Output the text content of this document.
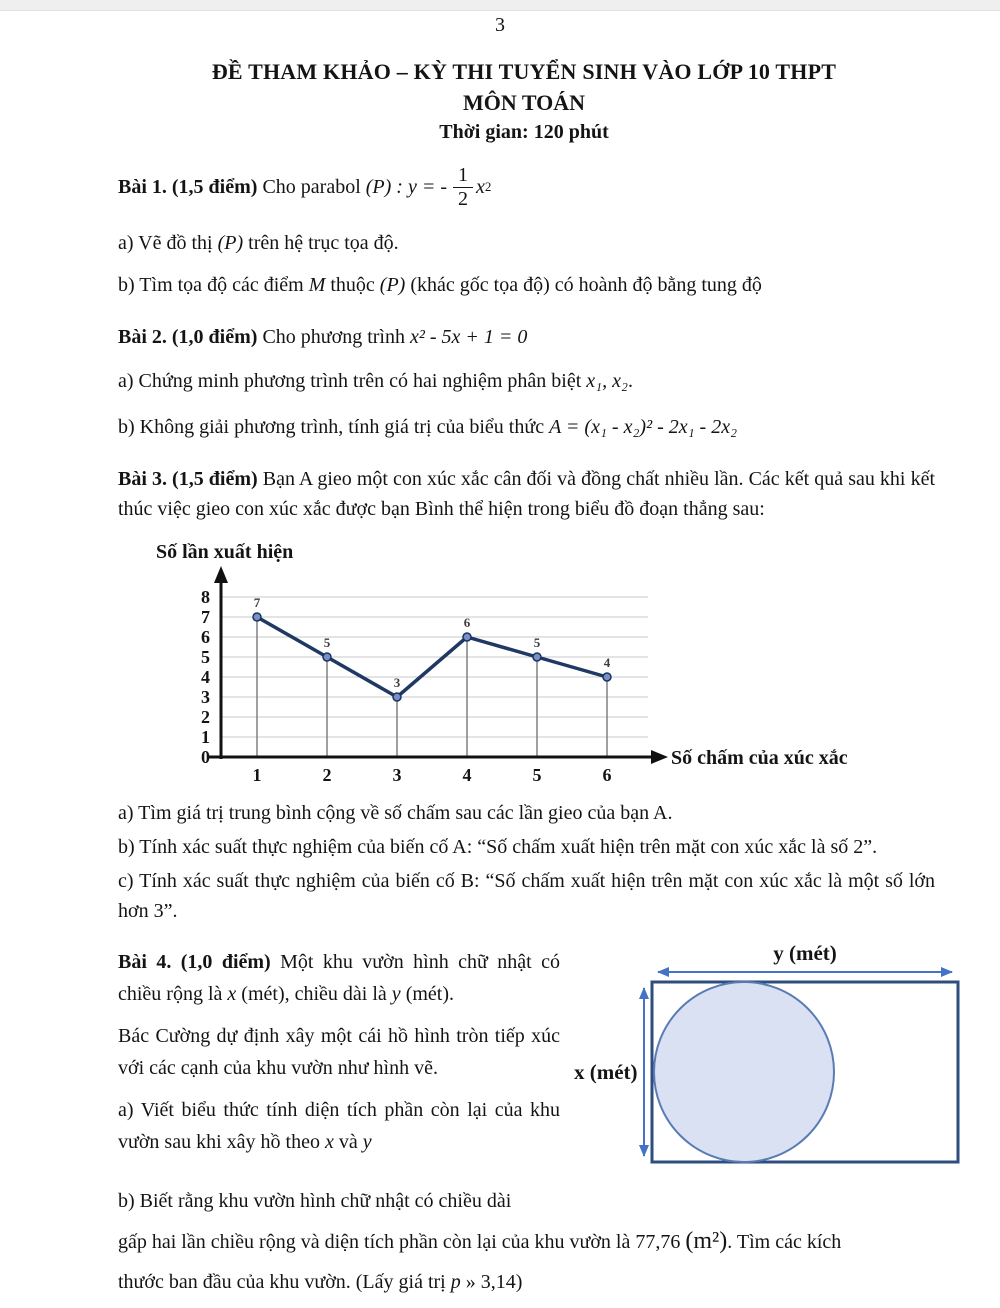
3
ĐỀ THAM KHẢO – KỲ THI TUYỂN SINH VÀO LỚP 10 THPT
MÔN TOÁN
Thời gian: 120 phút

Bài 1. (1,5 điểm)
Cho parabol
(P) : y = - $\frac{1}{2}$ x 2

a) Vẽ đồ thị (P) trên hệ trục tọa độ.

b) Tìm tọa độ các điểm M thuộc (P) (khác gốc tọa độ) có hoành độ bằng tung độ

Bài 2. (1,0 điểm) Cho phương trình x² - 5x + 1 = 0

a) Chứng minh phương trình trên có hai nghiệm phân biệt x₁, x₂.

b) Không giải phương trình, tính giá trị của biểu thức A = (x₁ - x₂)² - 2x₁ - 2x₂

Bài 3. (1,5 điểm) Bạn A gieo một con xúc xắc cân đối và đồng chất nhiều lần. Các kết quả sau khi kết thúc việc gieo con xúc xắc được bạn Bình thể hiện trong biểu đồ đoạn thẳng sau:

7
5
3
6
5
4
0
1
2
3
4
5
6
7
8
1	2	3	4	5	6
Số lần xuất hiện
Số chấm của xúc xắc

a) Tìm giá trị trung bình cộng về số chấm sau các lần gieo của bạn A.

b) Tính xác suất thực nghiệm của biến cố A: “Số chấm xuất hiện trên mặt con xúc xắc là số 2”.

c) Tính xác suất thực nghiệm của biến cố B: “Số chấm xuất hiện trên mặt con xúc xắc là một số lớn hơn 3”.

Bài 4. (1,0 điểm) Một khu vườn hình chữ nhật có chiều rộng là x (mét), chiều dài là y (mét).

Bác Cường dự định xây một cái hồ hình tròn tiếp xúc với các cạnh của khu vườn như hình vẽ.

a) Viết biểu thức tính diện tích phần còn lại của khu vườn sau khi xây hồ theo x và y

y (mét)
x (mét)

b) Biết rằng khu vườn hình chữ nhật có chiều dài

gấp hai lần chiều rộng và diện tích phần còn lại của khu vườn là 77,76 (m²). Tìm các kích

thước ban đầu của khu vườn. (Lấy giá trị p » 3,14)
